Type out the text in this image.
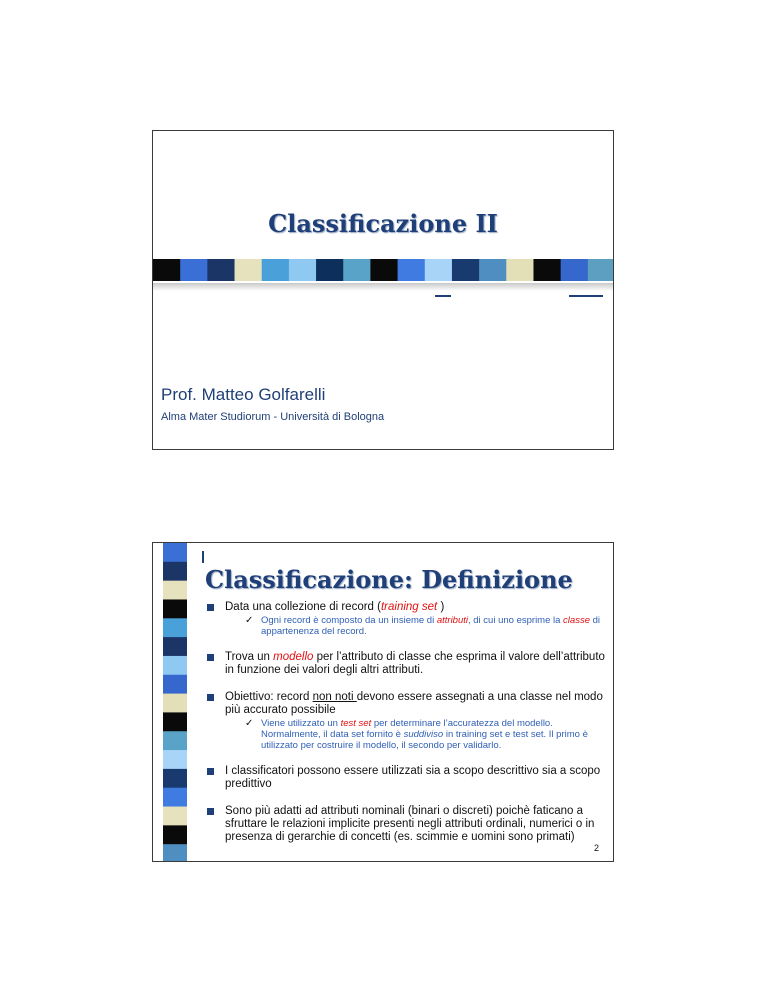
Classificazione II
Prof. Matteo Golfarelli
Alma Mater Studiorum - Università di Bologna
Classificazione: Definizione
Data una collezione di record (training set )
✓ Ogni record è composto da un insieme di attributi, di cui uno esprime la classe di appartenenza del record.
Trova un modello per l’attributo di classe che esprima il valore dell’attributo in funzione dei valori degli altri attributi.
Obiettivo: record non noti devono essere assegnati a una classe nel modo più accurato possibile
✓ Viene utilizzato un test set per determinare l’accuratezza del modello. Normalmente, il data set fornito è suddiviso in training set e test set. Il primo è utilizzato per costruire il modello, il secondo per validarlo.
I classificatori possono essere utilizzati sia a scopo descrittivo sia a scopo predittivo
Sono più adatti ad attributi nominali (binari o discreti) poichè faticano a sfruttare le relazioni implicite presenti negli attributi ordinali, numerici o in presenza di gerarchie di concetti (es. scimmie e uomini sono primati)
2
